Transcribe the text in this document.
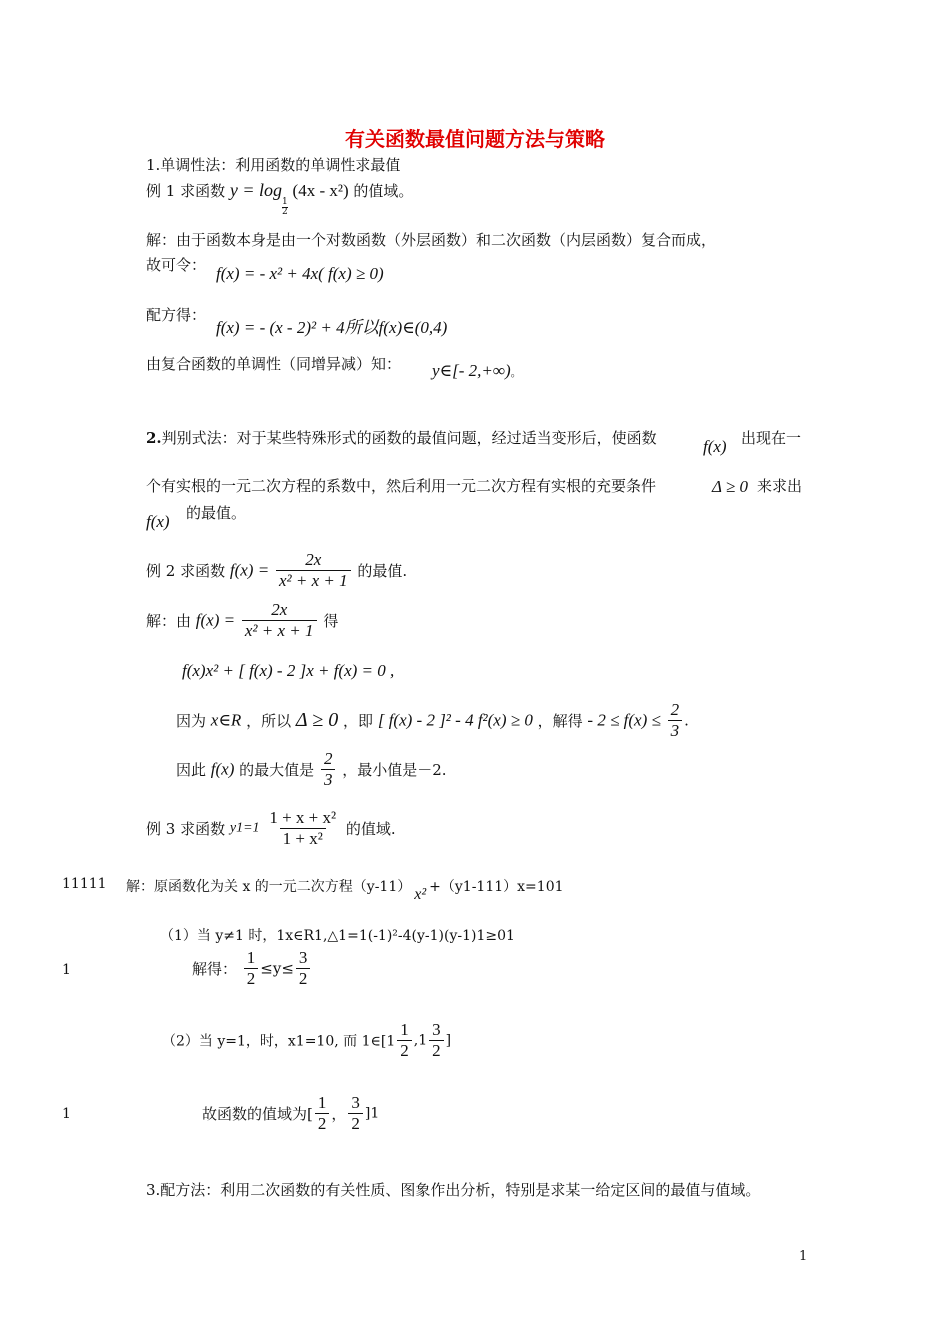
有关函数最值问题方法与策略
1.单调性法：利用函数的单调性求最值
例 1 求函数 y = log
$\frac{1}{2}$
(4x - x²) 的值域。
解：由于函数本身是由一个对数函数（外层函数）和二次函数（内层函数）复合而成，
故可令： f(x) = - x² + 4x( f(x) ≥ 0)
配方得：
f(x) = - (x - 2)² + 4所以f(x)∈(0,4)
由复合函数的单调性（同增异减）知： y∈[- 2,+∞)。
2.判别式法：对于某些特殊形式的函数的最值问题，经过适当变形后，使函数	f(x) 出现在一
个有实根的一元二次方程的系数中，然后利用一元二次方程有实根的充要条件	Δ ≥ 0 来求出
f(x) 的最值。
例 2 求函数 $f(x) = \frac{2x}{\text{x² + x + 1}}$ 的最值.
解：由 $f(x) = \frac{2x}{\text{x² + x + 1}}$ 得
f(x)x² + [ f(x) - 2 ]x + f(x) = 0 ,
因为 x∈R ，所以 Δ ≥ 0 ，即 [ f(x) - 2 ]² - 4 f²(x) ≥ 0 ，解得 - $2 \le f(x) \le \frac{2}{3}$ .
因此 f(x) 的最大值是 $\frac{2}{3}$ ，最小值是－2.
例 3 求函数 $y1=1 \frac{\text{1 + x + x²}}{\text{1 + x²}}$ 的值域.
11111 解：原函数化为关 x 的一元二次方程（y-11） x² +（y1-111）x=101
（1）当 y≠1 时，1x∈R1,△1=1(-1)²-4(y-1)(y-1)1≥01
1	解得： $\frac{1}{2} \le y\le \frac{3}{2}$
（2）当 y=1，时，x1=10, 而 1∈[1 $\frac{1}{2} ,1 \frac{3}{2}$ ]
1	故函数的值域为[ $\frac{1}{2}$ ， $\frac{3}{2} ]1$
3.配方法：利用二次函数的有关性质、图象作出分析，特别是求某一给定区间的最值与值域。
1
